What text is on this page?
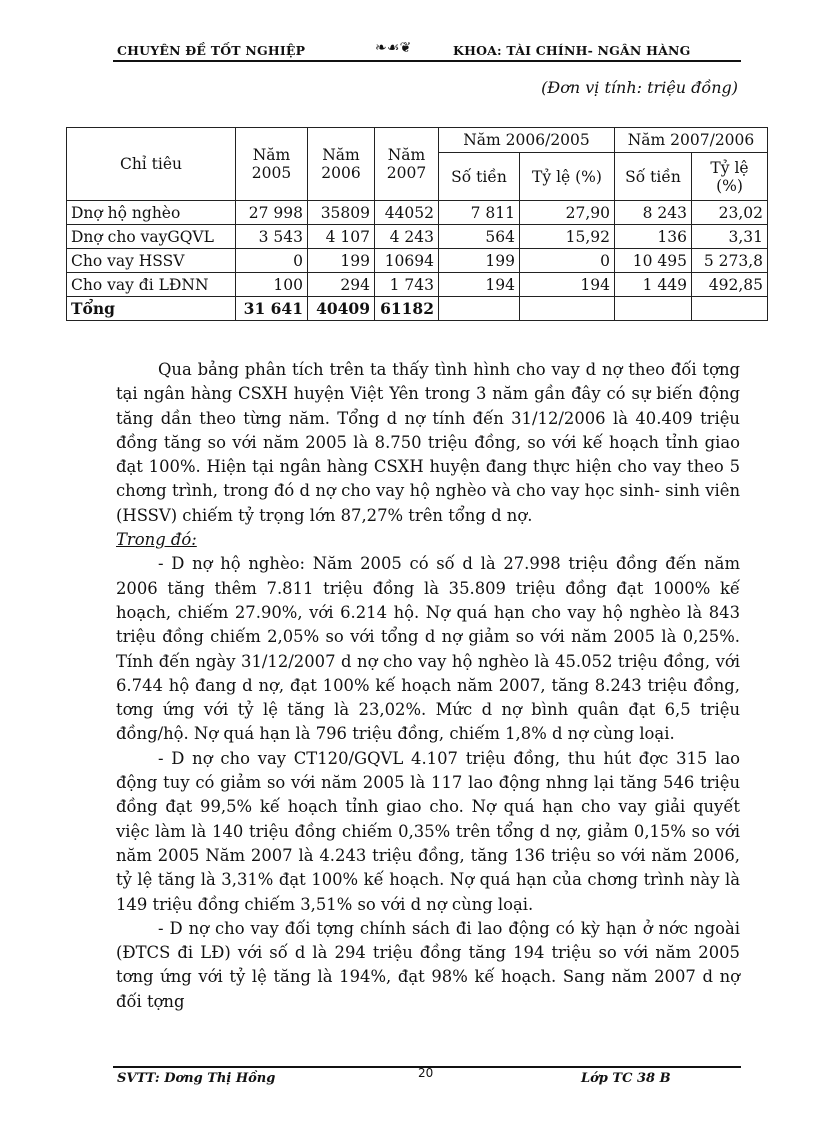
CHUYÊN ĐỀ TỐT NGHIỆP	❧☙❦	KHOA: TÀI CHÍNH- NGÂN HÀNG
(Đơn vị tính: triệu đồng)
Chỉ tiêu	Năm 2005	Năm 2006	Năm 2007	Năm 2006/2005		Năm 2007/2006	
				Số tiền	Tỷ lệ (%)	Số tiền	Tỷ lệ (%)
Dnợ hộ nghèo	27 998	35809	44052	7 811	27,90	8 243	23,02
Dnợ cho vayGQVL	3 543	4 107	4 243	564	15,92	136	3,31
Cho vay HSSV	0	199	10694	199	0	10 495	5 273,8
Cho vay đi LĐNN	100	294	1 743	194	194	1 449	492,85
Tổng	31 641	40409	61182				

Qua bảng phân tích trên ta thấy tình hình cho vay d nợ theo đối tợng tại ngân hàng CSXH huyện Việt Yên trong 3 năm gần đây có sự biến động tăng dần theo từng năm. Tổng d nợ tính đến 31/12/2006 là 40.409 triệu đồng tăng so với năm 2005 là 8.750 triệu đồng, so với kế hoạch tỉnh giao đạt 100%. Hiện tại ngân hàng CSXH huyện đang thực hiện cho vay theo 5 chơng trình, trong đó d nợ cho vay hộ nghèo và cho vay học sinh- sinh viên (HSSV) chiếm tỷ trọng lớn 87,27% trên tổng d nợ.

Trong đó:

- D nợ hộ nghèo: Năm 2005 có số d là 27.998 triệu đồng đến năm 2006 tăng thêm 7.811 triệu đồng là 35.809 triệu đồng đạt 1000% kế hoạch, chiếm 27.90%, với 6.214 hộ. Nợ quá hạn cho vay hộ nghèo là 843 triệu đồng chiếm 2,05% so với tổng d nợ giảm so với năm 2005 là 0,25%. Tính đến ngày 31/12/2007 d nợ cho vay hộ nghèo là 45.052 triệu đồng, với 6.744 hộ đang d nợ, đạt 100% kế hoạch năm 2007, tăng 8.243 triệu đồng, tơng ứng với tỷ lệ tăng là 23,02%. Mức d nợ bình quân đạt 6,5 triệu đồng/hộ. Nợ quá hạn là 796 triệu đồng, chiếm 1,8% d nợ cùng loại.

- D nợ cho vay CT120/GQVL 4.107 triệu đồng, thu hút đợc 315 lao động tuy có giảm so với năm 2005 là 117 lao động nhng lại tăng 546 triệu đồng đạt 99,5% kế hoạch tỉnh giao cho. Nợ quá hạn cho vay giải quyết việc làm là 140 triệu đồng chiếm 0,35% trên tổng d nợ, giảm 0,15% so với năm 2005 Năm 2007 là 4.243 triệu đồng, tăng 136 triệu so với năm 2006, tỷ lệ tăng là 3,31% đạt 100% kế hoạch. Nợ quá hạn của chơng trình này là 149 triệu đồng chiếm 3,51% so với d nợ cùng loại.

- D nợ cho vay đối tợng chính sách đi lao động có kỳ hạn ở nớc ngoài (ĐTCS đi LĐ) với số d là 294 triệu đồng tăng 194 triệu so với năm 2005 tơng ứng với tỷ lệ tăng là 194%, đạt 98% kế hoạch. Sang năm 2007 d nợ đối tợng

SVTT: Dơng Thị Hồng	20	Lớp TC 38 B
